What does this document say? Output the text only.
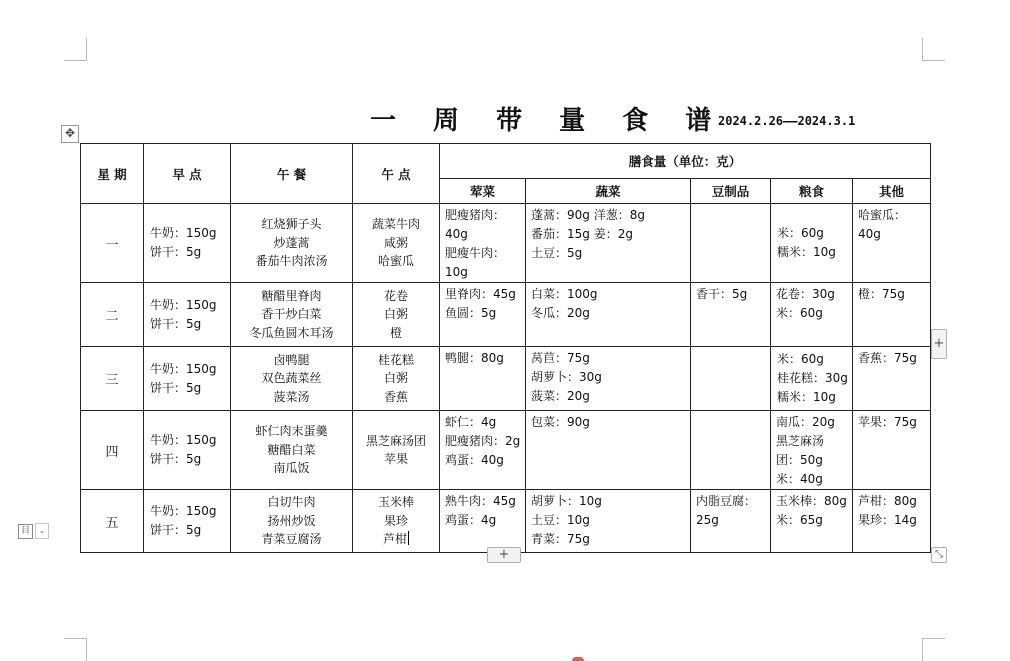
一 周 带 量 食 谱
2024.2.26——2024.3.1
✥
星 期	早 点	午 餐	午 点	膳食量（单位：克）				
				荤菜	蔬菜	豆制品	粮食	其他
一	牛奶：150g
饼干：5g	红烧狮子头
炒蓬蒿
番茄牛肉浓汤	蔬菜牛肉
咸粥
哈蜜瓜	肥瘦猪肉：
40g
肥瘦牛肉：
10g	蓬蒿：90g 洋葱：8g
番茄：15g 姜：2g
土豆：5g		米：60g
糯米：10g	哈蜜瓜：
40g

二	牛奶：150g
饼干：5g	糖醋里脊肉
香干炒白菜
冬瓜鱼圆木耳汤	花卷
白粥
橙	里脊肉：45g
鱼圆：5g	白菜：100g
冬瓜：20g	香干：5g	花卷：30g
米：60g	橙：75g

三	牛奶：150g
饼干：5g	卤鸭腿
双色蔬菜丝
菠菜汤	桂花糕
白粥
香蕉	鸭腿：80g	莴苣：75g
胡萝卜：30g
菠菜：20g		米：60g
桂花糕：30g
糯米：10g	香蕉：75g

四	牛奶：150g
饼干：5g	虾仁肉末蛋羹
糖醋白菜
南瓜饭	黑芝麻汤团
苹果	虾仁：4g
肥瘦猪肉：2g
鸡蛋：40g	包菜：90g		南瓜：20g
黑芝麻汤
团：50g
米：40g	苹果：75g

五	牛奶：150g
饼干：5g	白切牛肉
扬州炒饭
青菜豆腐汤	玉米棒
果珍
芦柑	熟牛肉：45g
鸡蛋：4g	胡萝卜：10g
土豆：10g
青菜：75g	内脂豆腐：
25g	玉米棒：80g
米：65g	芦柑：80g
果珍：14g
+
+
⤡
目	⌄
